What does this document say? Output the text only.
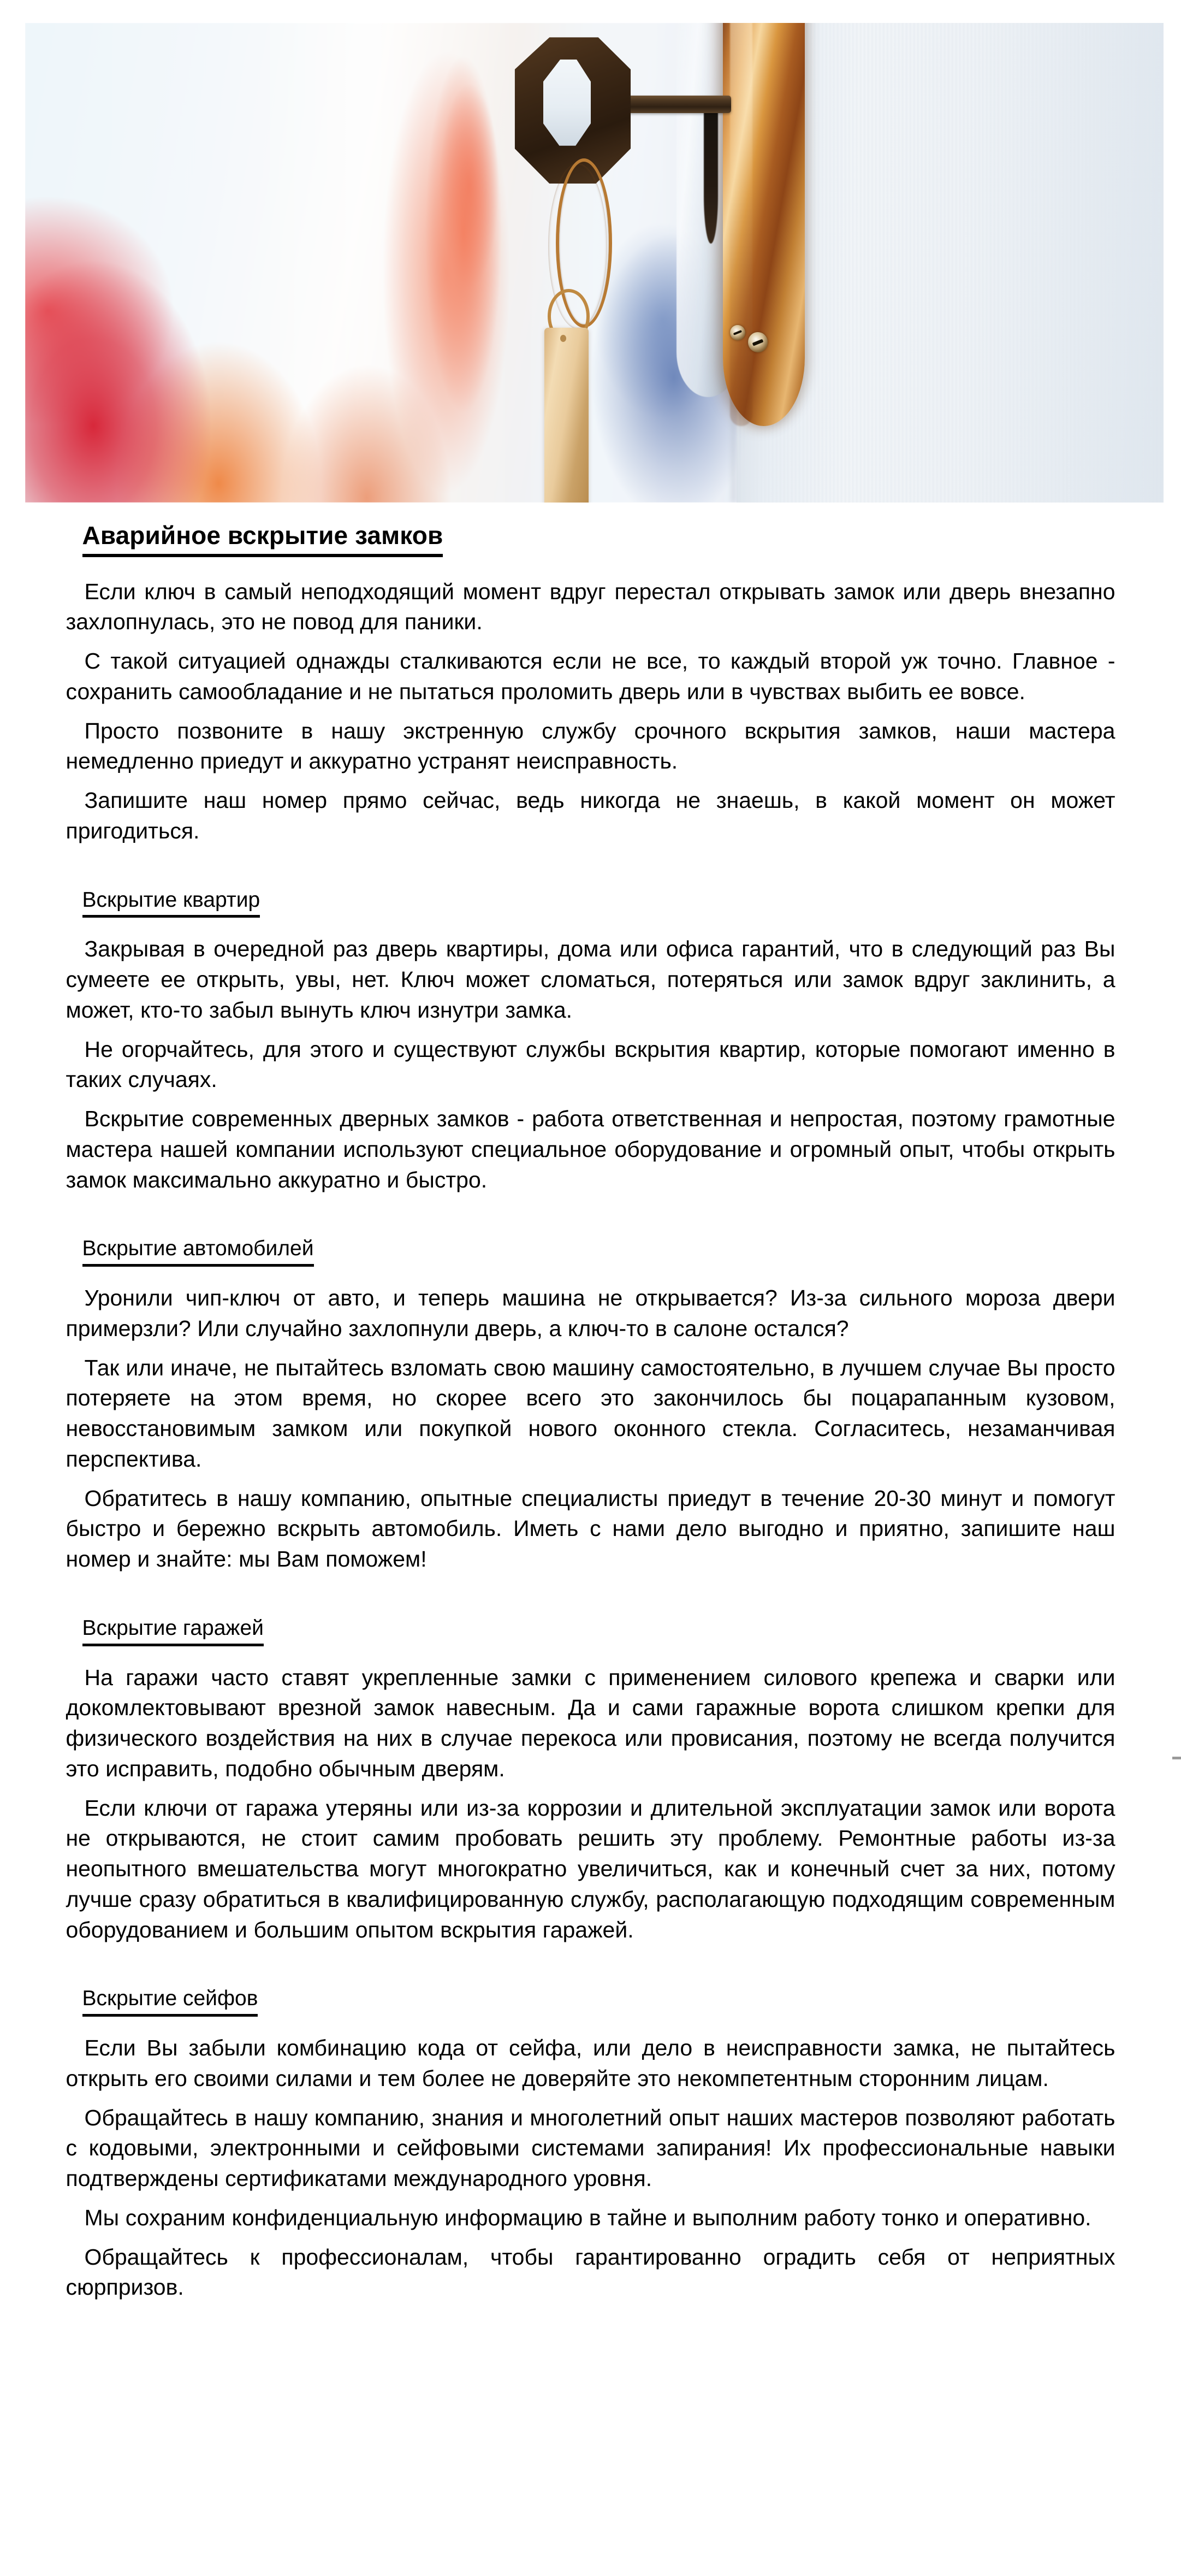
Аварийное вскрытие замков

Если ключ в самый неподходящий момент вдруг перестал открывать замок или дверь внезапно захлопнулась, это не повод для паники.

С такой ситуацией однажды сталкиваются если не все, то каждый второй уж точно. Главное - сохранить самообладание и не пытаться проломить дверь или в чувствах выбить ее вовсе.

Просто позвоните в нашу экстренную службу срочного вскрытия замков, наши мастера немедленно приедут и аккуратно устранят неисправность.

Запишите наш номер прямо сейчас, ведь никогда не знаешь, в какой момент он может пригодиться.

Вскрытие квартир

Закрывая в очередной раз дверь квартиры, дома или офиса гарантий, что в следующий раз Вы сумеете ее открыть, увы, нет. Ключ может сломаться, потеряться или замок вдруг заклинить, а может, кто-то забыл вынуть ключ изнутри замка.

Не огорчайтесь, для этого и существуют службы вскрытия квартир, которые помогают именно в таких случаях.

Вскрытие современных дверных замков - работа ответственная и непростая, поэтому грамотные мастера нашей компании используют специальное оборудование и огромный опыт, чтобы открыть замок максимально аккуратно и быстро.

Вскрытие автомобилей

Уронили чип-ключ от авто, и теперь машина не открывается? Из-за сильного мороза двери примерзли? Или случайно захлопнули дверь, а ключ-то в салоне остался?

Так или иначе, не пытайтесь взломать свою машину самостоятельно, в лучшем случае Вы просто потеряете на этом время, но скорее всего это закончилось бы поцарапанным кузовом, невосстановимым замком или покупкой нового оконного стекла. Согласитесь, незаманчивая перспектива.

Обратитесь в нашу компанию, опытные специалисты приедут в течение 20-30 минут и помогут быстро и бережно вскрыть автомобиль. Иметь с нами дело выгодно и приятно, запишите наш номер и знайте: мы Вам поможем!

Вскрытие гаражей

На гаражи часто ставят укрепленные замки с применением силового крепежа и сварки или докомлектовывают врезной замок навесным. Да и сами гаражные ворота слишком крепки для физического воздействия на них в случае перекоса или провисания, поэтому не всегда получится это исправить, подобно обычным дверям.

Если ключи от гаража утеряны или из-за коррозии и длительной эксплуатации замок или ворота не открываются, не стоит самим пробовать решить эту проблему. Ремонтные работы из-за неопытного вмешательства могут многократно увеличиться, как и конечный счет за них, потому лучше сразу обратиться в квалифицированную службу, располагающую подходящим современным оборудованием и большим опытом вскрытия гаражей.

Вскрытие сейфов

Если Вы забыли комбинацию кода от сейфа, или дело в неисправности замка, не пытайтесь открыть его своими силами и тем более не доверяйте это некомпетентным сторонним лицам.

Обращайтесь в нашу компанию, знания и многолетний опыт наших мастеров позволяют работать с кодовыми, электронными и сейфовыми системами запирания! Их профессиональные навыки подтверждены сертификатами международного уровня.

Мы сохраним конфиденциальную информацию в тайне и выполним работу тонко и оперативно.

Обращайтесь к профессионалам, чтобы гарантированно оградить себя от неприятных сюрпризов.
